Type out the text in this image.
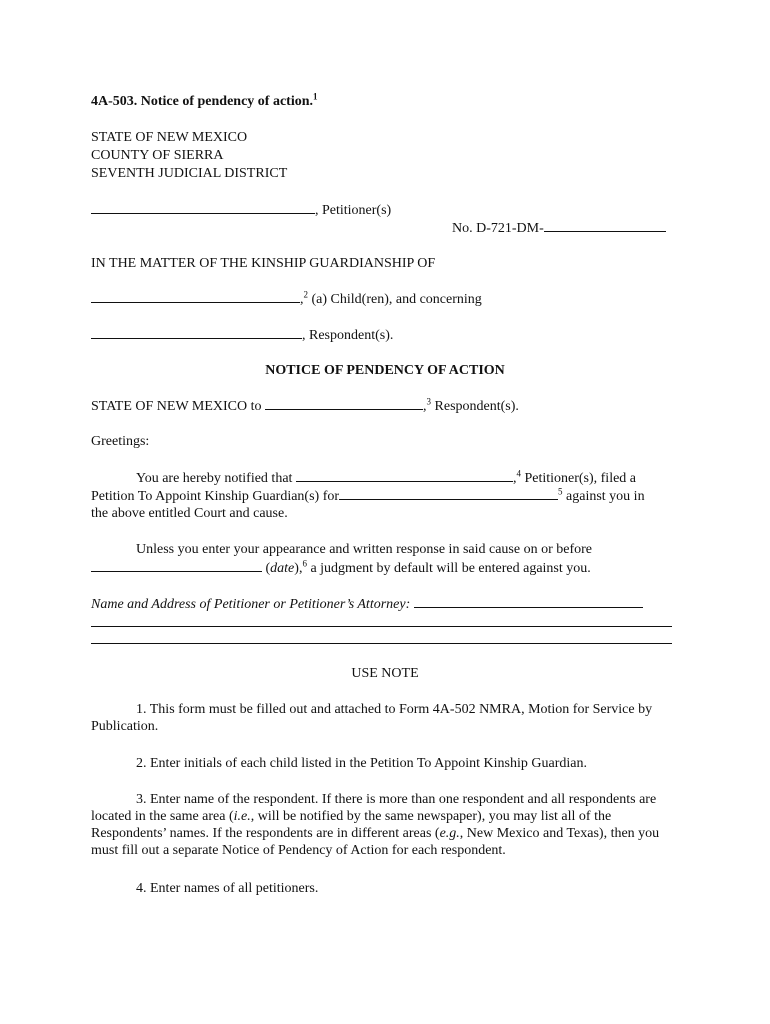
4A-503. Notice of pendency of action.$^1$
STATE OF NEW MEXICO
COUNTY OF SIERRA
SEVENTH JUDICIAL DISTRICT
, Petitioner(s)
No. D-721-DM-
IN THE MATTER OF THE KINSHIP GUARDIANSHIP OF
,$^2$ (a) Child(ren), and concerning
, Respondent(s).
NOTICE OF PENDENCY OF ACTION
STATE OF NEW MEXICO to	,$^3$ Respondent(s).
Greetings:
You are hereby notified that	,$^4$ Petitioner(s), filed a
Petition To Appoint Kinship Guardian(s) for	$^5$ against you in
the above entitled Court and cause.
Unless you enter your appearance and written response in said cause on or before
(date),$^6$ a judgment by default will be entered against you.
Name and Address of Petitioner or Petitioner’s Attorney:
USE NOTE
1. This form must be filled out and attached to Form 4A-502 NMRA, Motion for Service by Publication.
2. Enter initials of each child listed in the Petition To Appoint Kinship Guardian.
3. Enter name of the respondent. If there is more than one respondent and all respondents are located in the same area (i.e., will be notified by the same newspaper), you may list all of the Respondents’ names. If the respondents are in different areas (e.g., New Mexico and Texas), then you must fill out a separate Notice of Pendency of Action for each respondent.
4. Enter names of all petitioners.
